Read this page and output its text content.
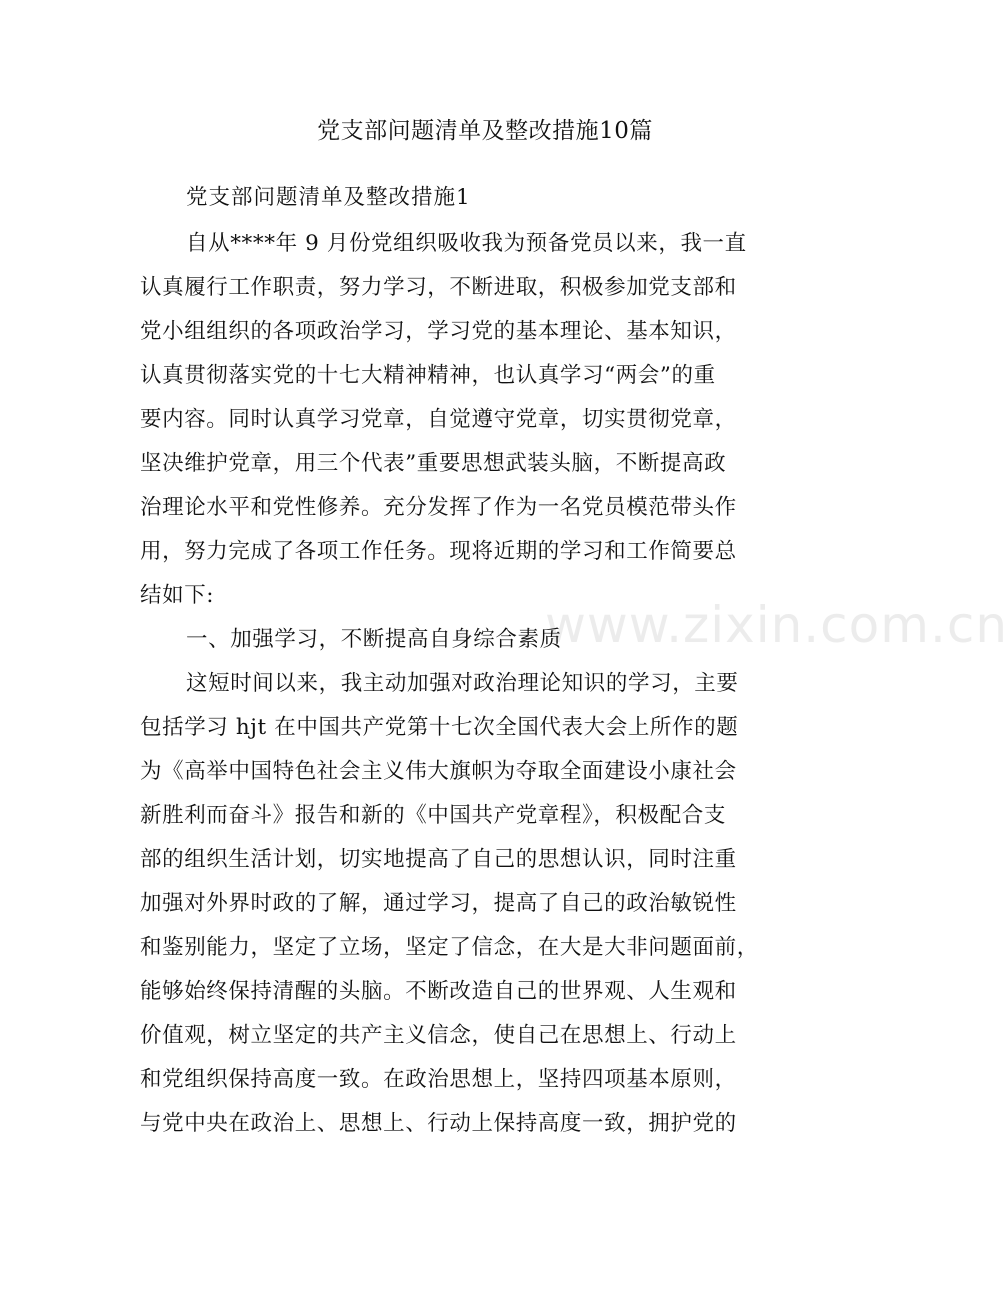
www.zixin.com.cn
党支部问题清单及整改措施10篇
党支部问题清单及整改措施1
自从****年 9 月份党组织吸收我为预备党员以来，我一直
认真履行工作职责，努力学习，不断进取，积极参加党支部和
党小组组织的各项政治学习，学习党的基本理论、基本知识，
认真贯彻落实党的十七大精神精神，也认真学习“两会”的重
要内容。同时认真学习党章，自觉遵守党章，切实贯彻党章，
坚决维护党章，用三个代表”重要思想武装头脑，不断提高政
治理论水平和党性修养。充分发挥了作为一名党员模范带头作
用，努力完成了各项工作任务。现将近期的学习和工作简要总
结如下:
一、加强学习，不断提高自身综合素质
这短时间以来，我主动加强对政治理论知识的学习，主要
包括学习 hjt 在中国共产党第十七次全国代表大会上所作的题
为《高举中国特色社会主义伟大旗帜为夺取全面建设小康社会
新胜利而奋斗》报告和新的《中国共产党章程》，积极配合支
部的组织生活计划，切实地提高了自己的思想认识，同时注重
加强对外界时政的了解，通过学习，提高了自己的政治敏锐性
和鉴别能力，坚定了立场，坚定了信念，在大是大非问题面前，
能够始终保持清醒的头脑。不断改造自己的世界观、人生观和
价值观，树立坚定的共产主义信念，使自己在思想上、行动上
和党组织保持高度一致。在政治思想上，坚持四项基本原则，
与党中央在政治上、思想上、行动上保持高度一致，拥护党的
